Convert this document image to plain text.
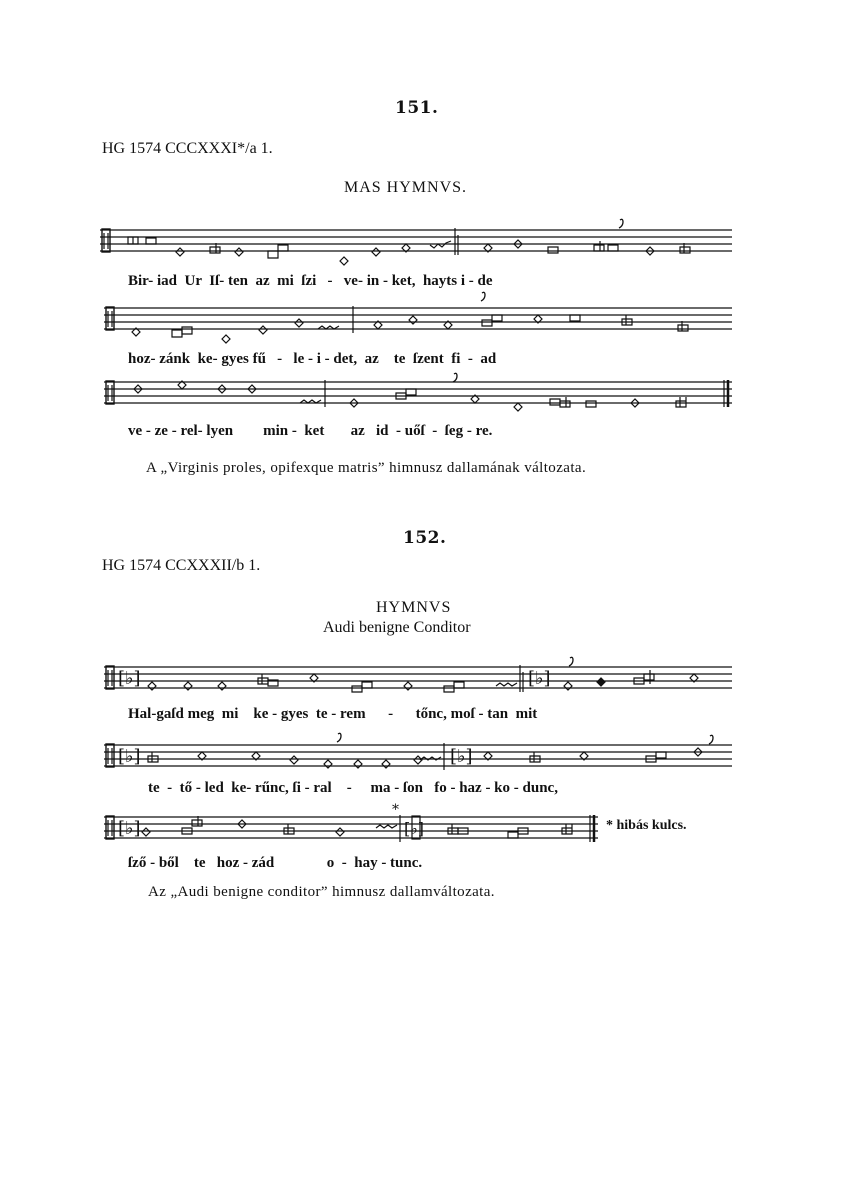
151.
HG 1574 CCCXXXI*/a 1.
MAS HYMNVS.
Bir- iad  Ur  Iſ- ten  az  mi  ſzi   -   ve- in - ket,  hayts i - de
hoz- zánk  ke- gyes fű   -   le - i - det,  az    te  ſzent  fi  -  ad
ve - ze - rel- lyen        min -  ket       az   id  - uőſ  -  ſeg - re.
A „Virginis proles, opifexque matris” himnusz dallamának változata.
152.
HG 1574 CCXXXII/b 1.
HYMNVS
Audi benigne Conditor
[♭]	[♭]
Hal-gaſd meg  mi    ke - gyes  te - rem      -      tőnc, moſ - tan  mit
[♭]	[♭]
te  -  tő - led  ke- rűnc, ſi - ral    -     ma - ſon   fo - haz - ko - dunc,
[♭]
*
[♭]	* hibás kulcs.
ſző - ből    te   hoz - zád              o  -  hay - tunc.
Az „Audi benigne conditor” himnusz dallamváltozata.
